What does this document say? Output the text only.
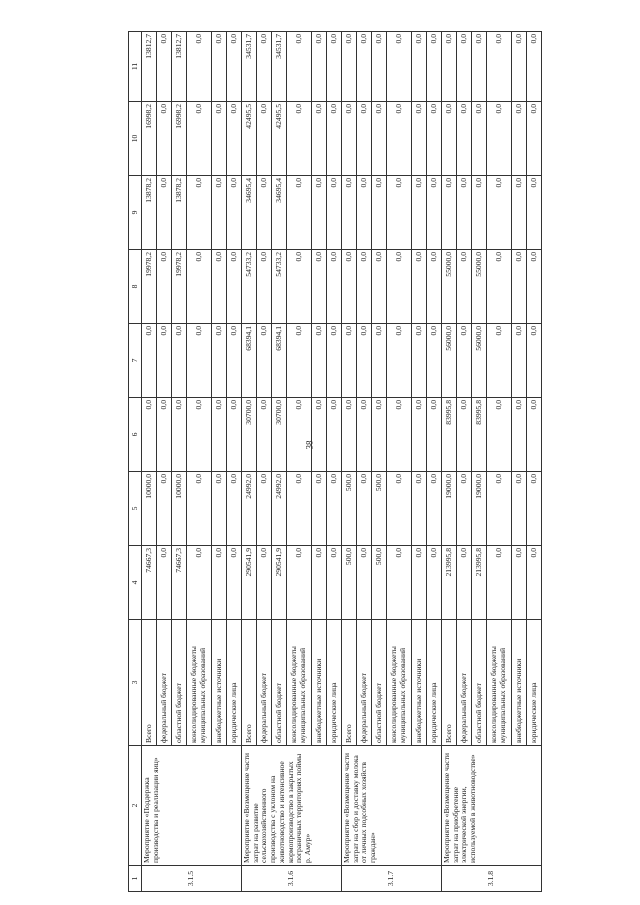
38
1	2	3	4	5	6	7	8	9	10	11
3.1.5	Мероприятие «Поддержка производства и реализации яиц»	Всего	74667,3	10000,0	0,0	0,0	19978,2	13878,2	16998,2	13812,7
		федеральный бюджет	0,0	0,0	0,0	0,0	0,0	0,0	0,0	0,0
		областной бюджет	74667,3	10000,0	0,0	0,0	19978,2	13878,2	16998,2	13812,7
		консолидированные бюджеты муниципальных образований	0,0	0,0	0,0	0,0	0,0	0,0	0,0	0,0
		внебюджетные источники	0,0	0,0	0,0	0,0	0,0	0,0	0,0	0,0
		юридические лица	0,0	0,0	0,0	0,0	0,0	0,0	0,0	0,0
3.1.6	Мероприятие «Возмещение части затрат на развитие сельскохозяйственного производства с уклоном на животноводство и интенсивное кормопроизводство в закрытых пограничных территориях поймы р. Амур»	Всего	290541,9	24992,0	30700,0	68394,1	54733,2	34695,4	42495,5	34531,7
		федеральный бюджет	0,0	0,0	0,0	0,0	0,0	0,0	0,0	0,0
		областной бюджет	290541,9	24992,0	30700,0	68394,1	54733,2	34695,4	42495,5	34531,7
		консолидированные бюджеты муниципальных образований	0,0	0,0	0,0	0,0	0,0	0,0	0,0	0,0
		внебюджетные источники	0,0	0,0	0,0	0,0	0,0	0,0	0,0	0,0
		юридические лица	0,0	0,0	0,0	0,0	0,0	0,0	0,0	0,0
3.1.7	Мероприятие «Возмещение части затрат на сбор и доставку молока от личных подсобных хозяйств граждан»	Всего	500,0	500,0	0,0	0,0	0,0	0,0	0,0	0,0
		федеральный бюджет	0,0	0,0	0,0	0,0	0,0	0,0	0,0	0,0
		областной бюджет	500,0	500,0	0,0	0,0	0,0	0,0	0,0	0,0
		консолидированные бюджеты муниципальных образований	0,0	0,0	0,0	0,0	0,0	0,0	0,0	0,0
		внебюджетные источники	0,0	0,0	0,0	0,0	0,0	0,0	0,0	0,0
		юридические лица	0,0	0,0	0,0	0,0	0,0	0,0	0,0	0,0
3.1.8	Мероприятие «Возмещение части затрат на приобретение электрической энергии, используемой в животноводстве»	Всего	213995,8	19000,0	83995,8	56000,0	55000,0	0,0	0,0	0,0
		федеральный бюджет	0,0	0,0	0,0	0,0	0,0	0,0	0,0	0,0
		областной бюджет	213995,8	19000,0	83995,8	56000,0	55000,0	0,0	0,0	0,0
		консолидированные бюджеты муниципальных образований	0,0	0,0	0,0	0,0	0,0	0,0	0,0	0,0
		внебюджетные источники	0,0	0,0	0,0	0,0	0,0	0,0	0,0	0,0
		юридические лица	0,0	0,0	0,0	0,0	0,0	0,0	0,0	0,0
